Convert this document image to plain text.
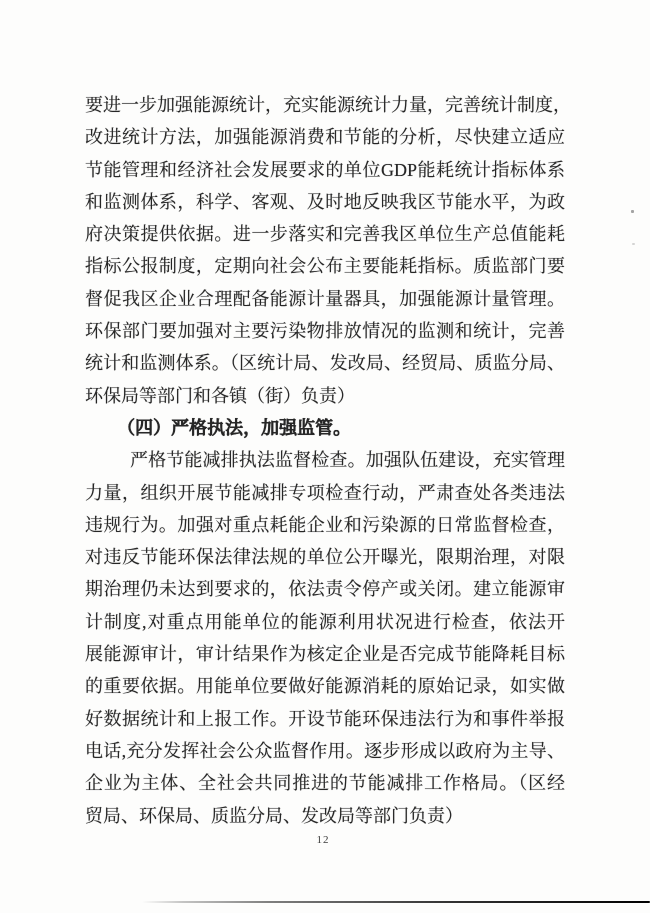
要进一步加强能源统计，充实能源统计力量，完善统计制度，
改进统计方法，加强能源消费和节能的分析，尽快建立适应
节能管理和经济社会发展要求的单位GDP能耗统计指标体系
和监测体系，科学、客观、及时地反映我区节能水平，为政
府决策提供依据。进一步落实和完善我区单位生产总值能耗
指标公报制度，定期向社会公布主要能耗指标。质监部门要
督促我区企业合理配备能源计量器具，加强能源计量管理。
环保部门要加强对主要污染物排放情况的监测和统计，完善
统计和监测体系。（区统计局、发改局、经贸局、质监分局、
环保局等部门和各镇（街）负责）
（四）严格执法，加强监管。
严格节能减排执法监督检查。加强队伍建设，充实管理
力量，组织开展节能减排专项检查行动，严肃查处各类违法
违规行为。加强对重点耗能企业和污染源的日常监督检查，
对违反节能环保法律法规的单位公开曝光，限期治理，对限
期治理仍未达到要求的，依法责令停产或关闭。建立能源审
计制度,对重点用能单位的能源利用状况进行检查，依法开
展能源审计，审计结果作为核定企业是否完成节能降耗目标
的重要依据。用能单位要做好能源消耗的原始记录，如实做
好数据统计和上报工作。开设节能环保违法行为和事件举报
电话,充分发挥社会公众监督作用。逐步形成以政府为主导、
企业为主体、全社会共同推进的节能减排工作格局。（区经
贸局、环保局、质监分局、发改局等部门负责）
12
